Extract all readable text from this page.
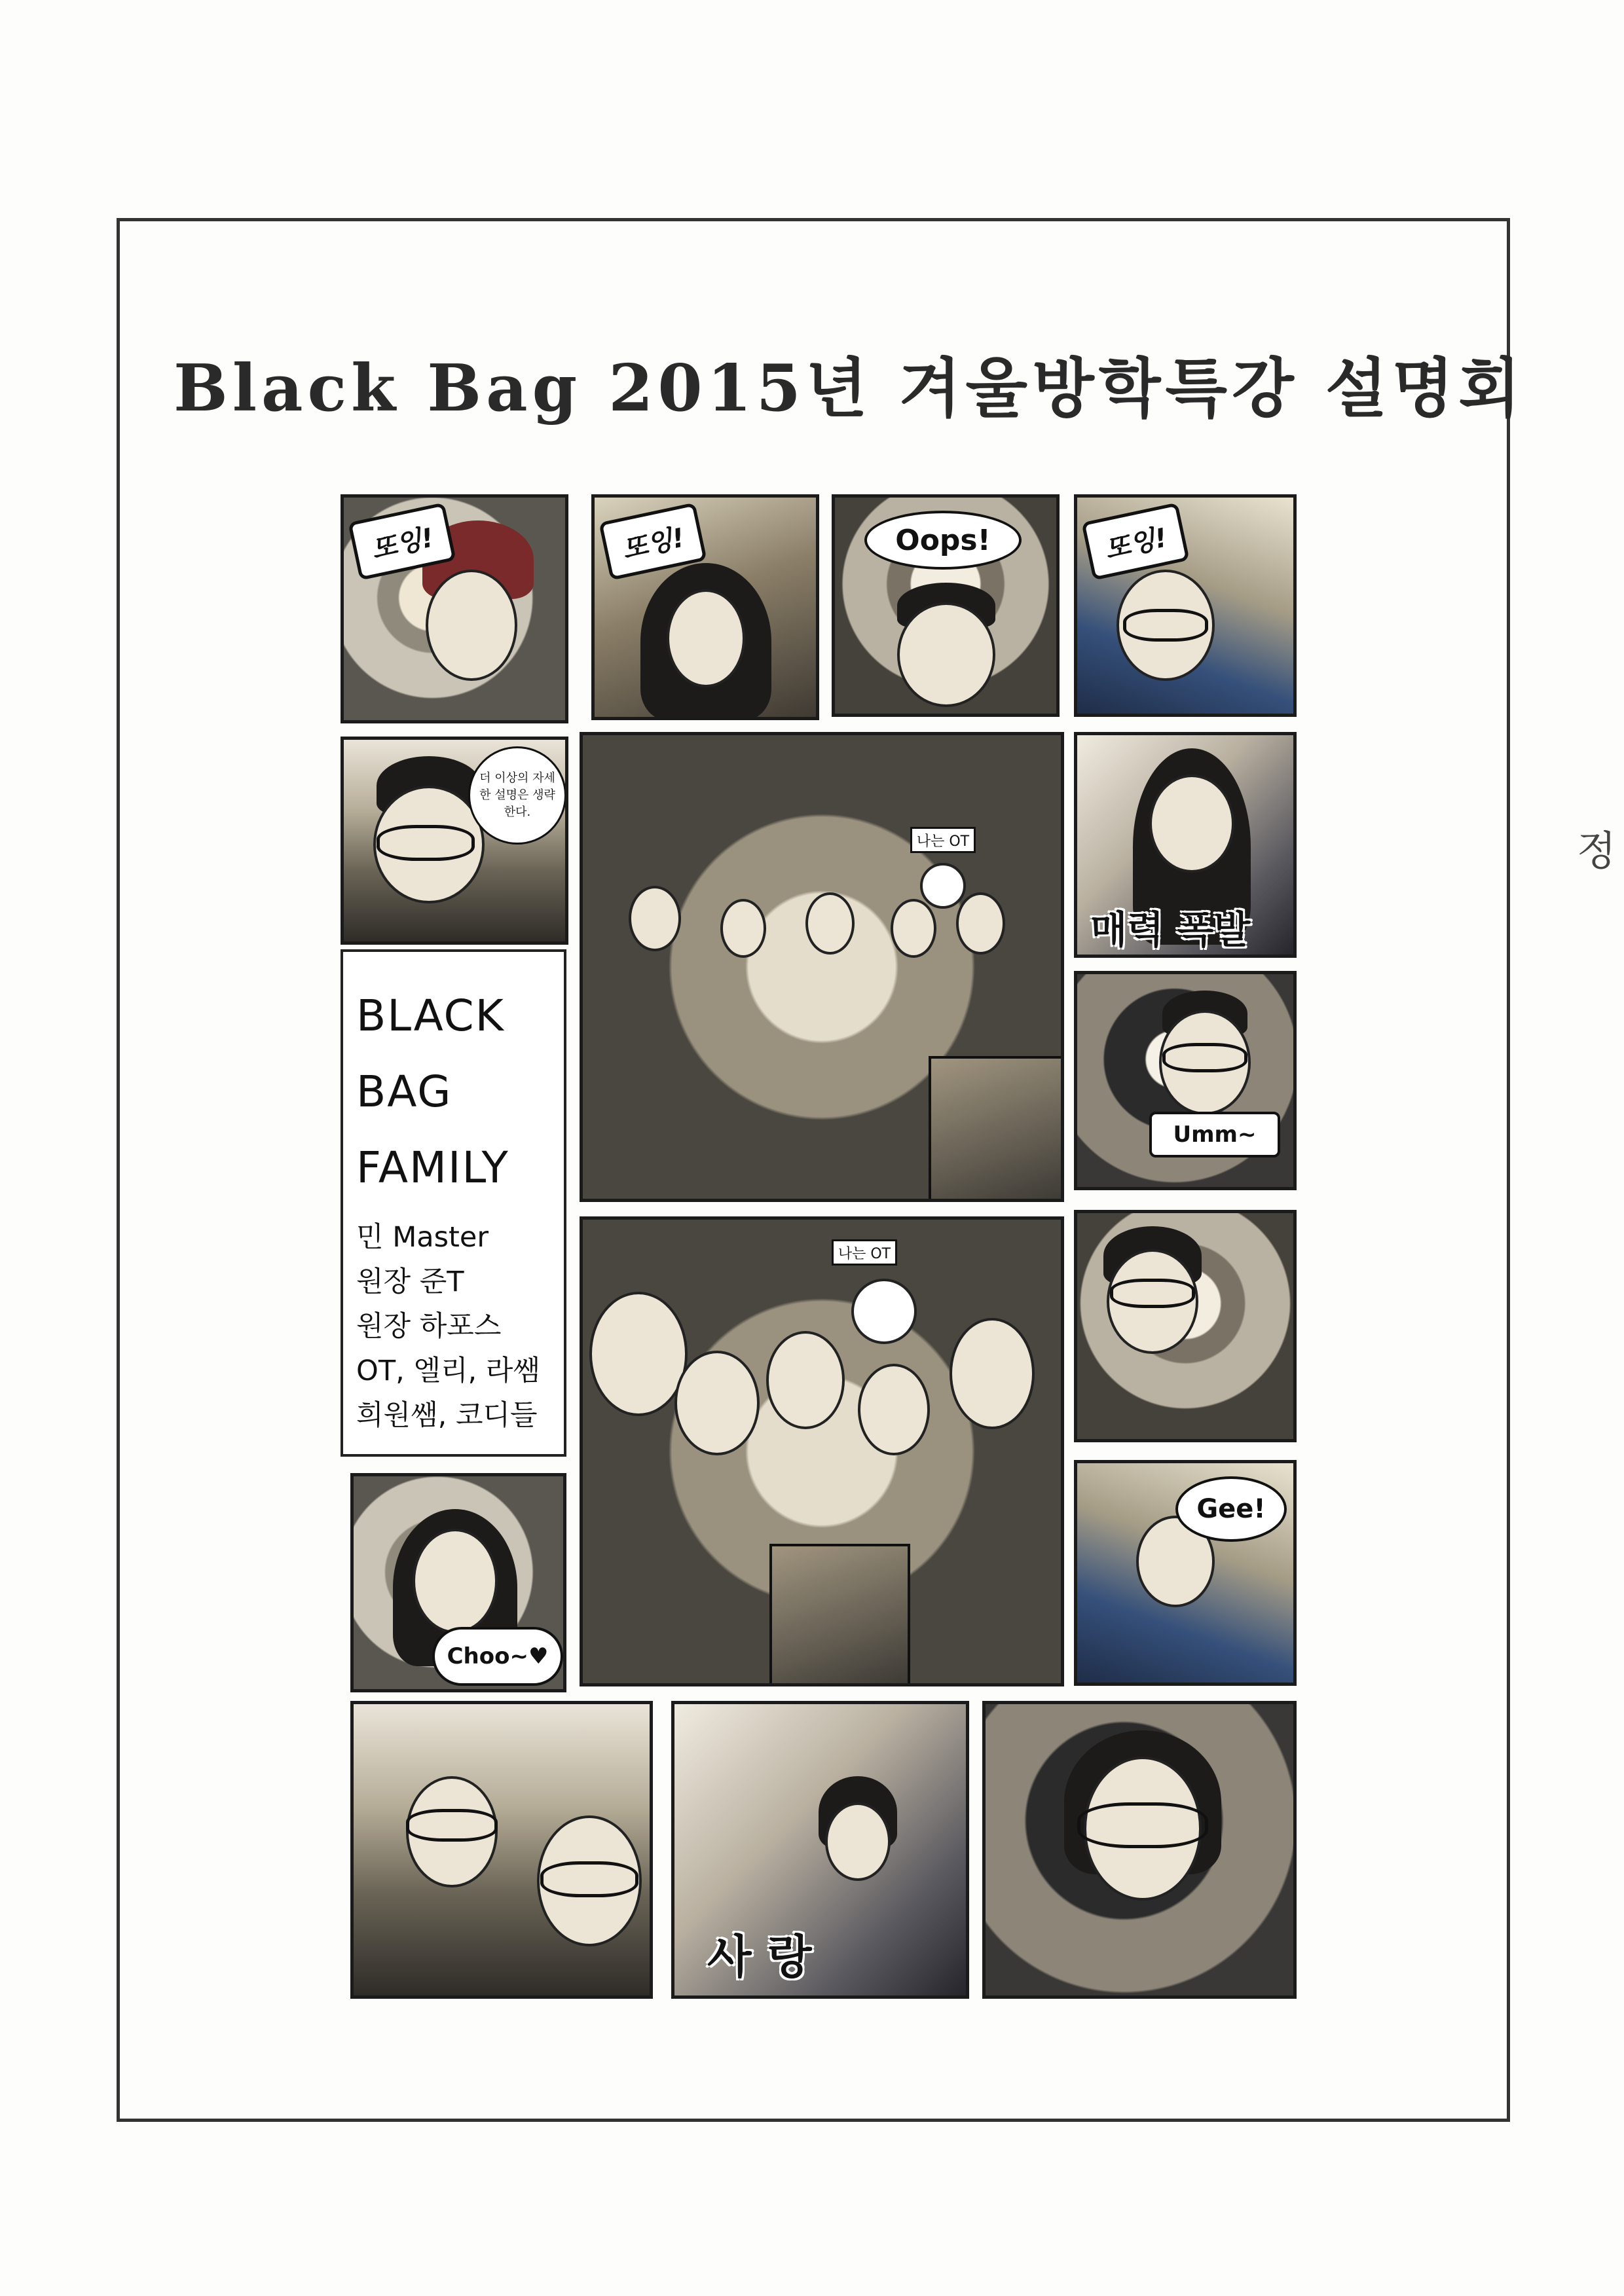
Black Bag 2015년 겨울방학특강 설명회
정
또잉!	또잉!	Oops!	또잉!
더 이상의 자세한 설명은 생략한다.
나는 OT
매력 폭발
Umm~

BLACK

BAG

FAMILY

민 Master

원장 준T

원장 하포스

OT, 엘리, 라쌤

희원쌤, 코디들

나는 OT
Choo~♥
Gee!
사 랑
